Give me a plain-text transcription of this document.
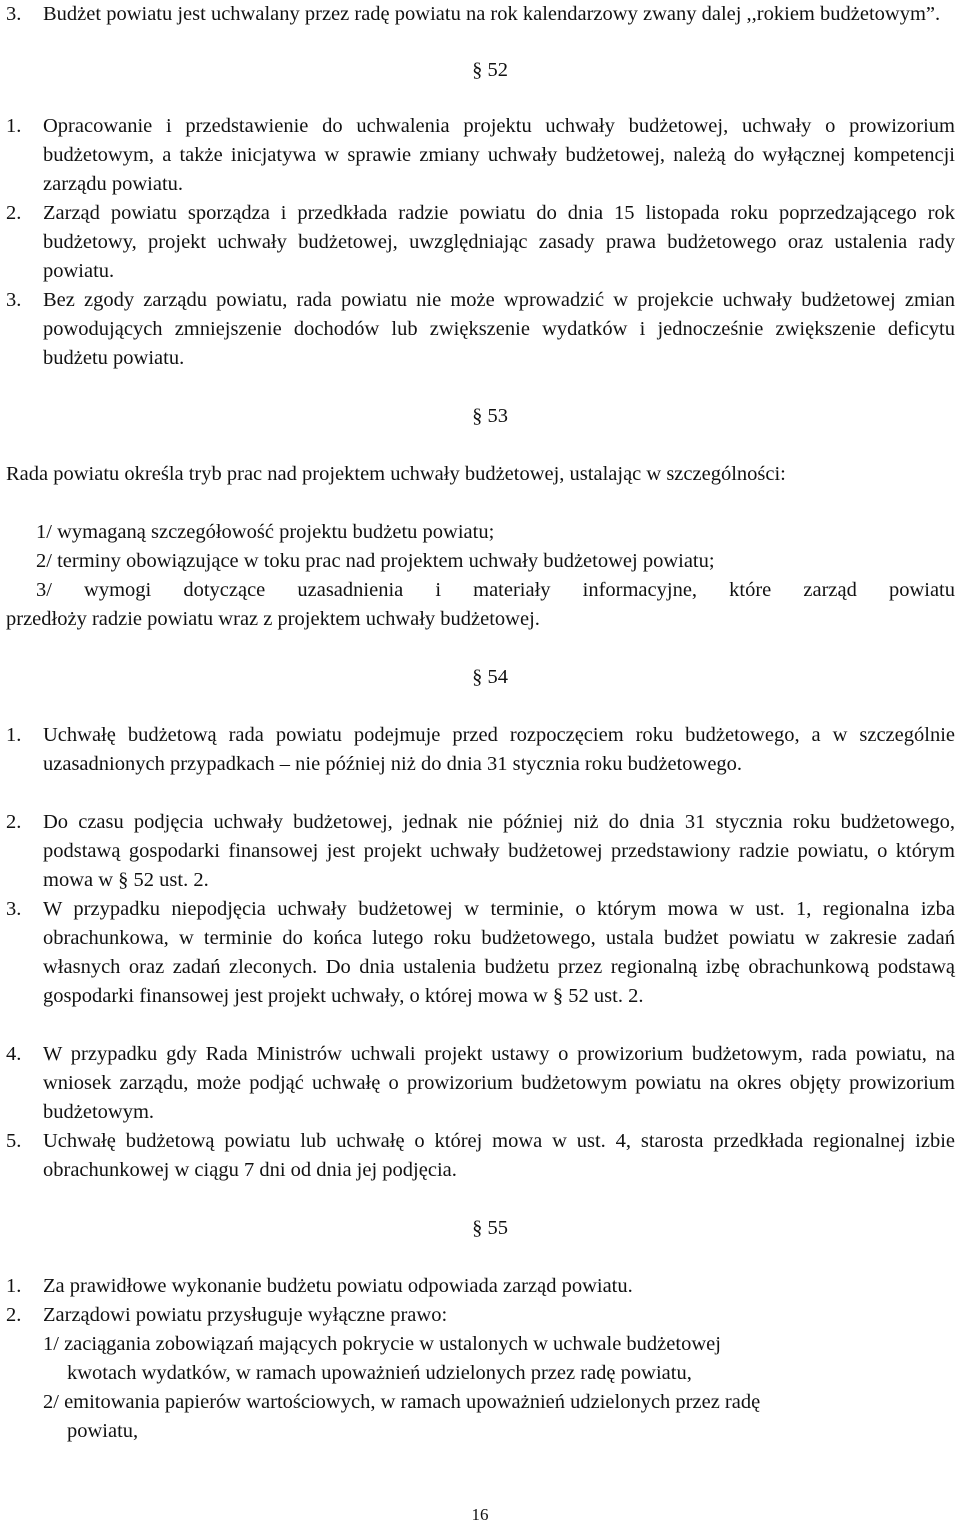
3. Budżet powiatu jest uchwalany przez radę powiatu na rok kalendarzowy zwany dalej ,,rokiem budżetowym”.
§ 52
1. Opracowanie i przedstawienie do uchwalenia projektu uchwały budżetowej, uchwały o prowizorium budżetowym, a także inicjatywa w sprawie zmiany uchwały budżetowej, należą do wyłącznej kompetencji zarządu powiatu.
2. Zarząd powiatu sporządza i przedkłada radzie powiatu do dnia 15 listopada roku poprzedzającego rok budżetowy, projekt uchwały budżetowej, uwzględniając zasady prawa budżetowego oraz ustalenia rady powiatu.
3. Bez zgody zarządu powiatu, rada powiatu nie może wprowadzić w projekcie uchwały budżetowej zmian powodujących zmniejszenie dochodów lub zwiększenie wydatków i jednocześnie zwiększenie deficytu budżetu powiatu.
§ 53
Rada powiatu określa tryb prac nad projektem uchwały budżetowej, ustalając w szczególności:
1/ wymaganą szczegółowość projektu budżetu powiatu;
2/ terminy obowiązujące w toku prac nad projektem uchwały budżetowej powiatu;
3/ wymogi dotyczące uzasadnienia i materiały informacyjne, które zarząd powiatu
przedłoży radzie powiatu wraz z projektem uchwały budżetowej.
§ 54
1. Uchwałę budżetową rada powiatu podejmuje przed rozpoczęciem roku budżetowego, a w szczególnie uzasadnionych przypadkach – nie później niż do dnia 31 stycznia roku budżetowego.
2. Do czasu podjęcia uchwały budżetowej, jednak nie później niż do dnia 31 stycznia roku budżetowego, podstawą gospodarki finansowej jest projekt uchwały budżetowej przedstawiony radzie powiatu, o którym mowa w § 52 ust. 2.
3. W przypadku niepodjęcia uchwały budżetowej w terminie, o którym mowa w ust. 1, regionalna izba obrachunkowa, w terminie do końca lutego roku budżetowego, ustala budżet powiatu w zakresie zadań własnych oraz zadań zleconych. Do dnia ustalenia budżetu przez regionalną izbę obrachunkową podstawą gospodarki finansowej jest projekt uchwały, o której mowa w § 52 ust. 2.
4. W przypadku gdy Rada Ministrów uchwali projekt ustawy o prowizorium budżetowym, rada powiatu, na wniosek zarządu, może podjąć uchwałę o prowizorium budżetowym powiatu na okres objęty prowizorium budżetowym.
5. Uchwałę budżetową powiatu lub uchwałę o której mowa w ust. 4, starosta przedkłada regionalnej izbie obrachunkowej w ciągu 7 dni od dnia jej podjęcia.
§ 55
1. Za prawidłowe wykonanie budżetu powiatu odpowiada zarząd powiatu.
2. Zarządowi powiatu przysługuje wyłączne prawo:
1/ zaciągania zobowiązań mających pokrycie w ustalonych w uchwale budżetowej
kwotach wydatków, w ramach upoważnień udzielonych przez radę powiatu,
2/ emitowania papierów wartościowych, w ramach upoważnień udzielonych przez radę
powiatu,
16
